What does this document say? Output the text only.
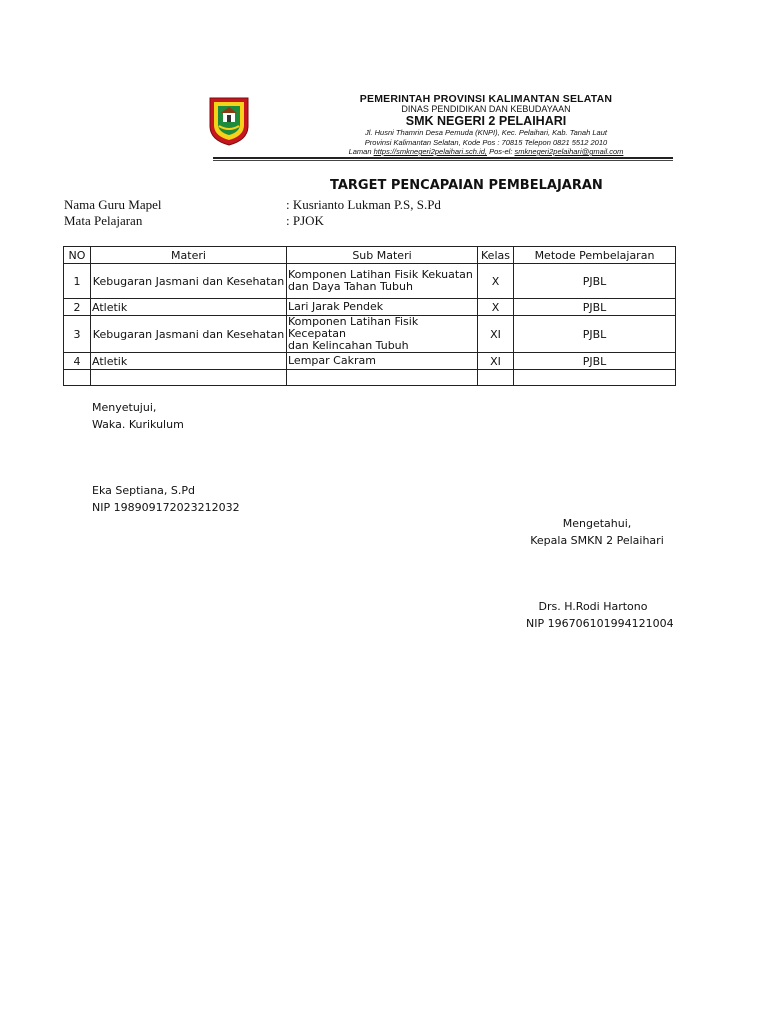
PEMERINTAH PROVINSI KALIMANTAN SELATAN
DINAS PENDIDIKAN DAN KEBUDAYAAN
SMK NEGERI 2 PELAIHARI
Jl. Husni Thamrin Desa Pemuda (KNPI), Kec. Pelaihari, Kab. Tanah Laut
Provinsi Kalimantan Selatan, Kode Pos : 70815 Telepon 0821 5512 2010
Laman https://smknegeri2pelaihari.sch.id, Pos-el: smknegeri2pelaihari@gmail.com
TARGET PENCAPAIAN PEMBELAJARAN
Nama Guru Mapel	: Kusrianto Lukman P.S, S.Pd
Mata Pelajaran	: PJOK
NO	Materi	Sub Materi	Kelas	Metode Pembelajaran
1	Kebugaran Jasmani dan Kesehatan	Komponen Latihan Fisik Kekuatan
dan Daya Tahan Tubuh	X	PJBL
2	Atletik	Lari Jarak Pendek	X	PJBL
3	Kebugaran Jasmani dan Kesehatan	Komponen Latihan Fisik Kecepatan
dan Kelincahan Tubuh	XI	PJBL
4	Atletik	Lempar Cakram	XI	PJBL

Menyetujui,
Waka. Kurikulum
Eka Septiana, S.Pd
NIP 198909172023212032
Mengetahui,
Kepala SMKN 2 Pelaihari
Drs. H.Rodi Hartono
NIP 196706101994121004
